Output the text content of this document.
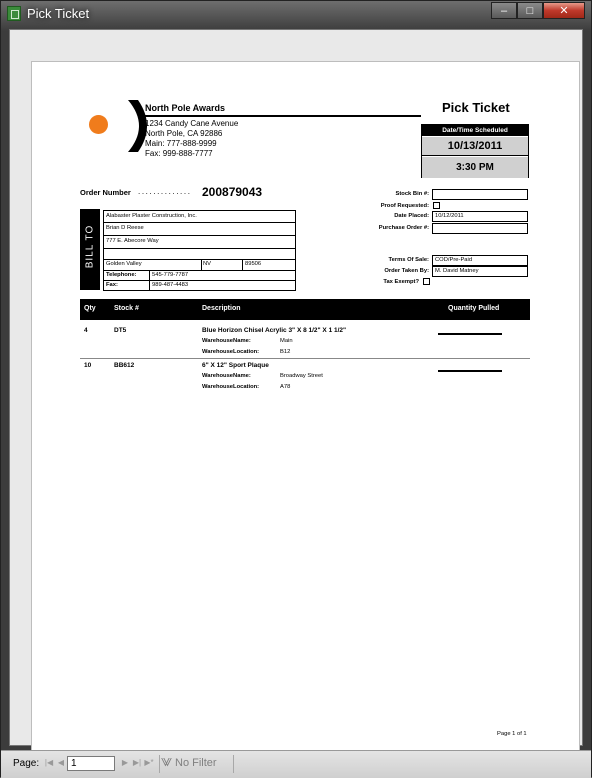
Pick Ticket	–	□	✕
North Pole Awards
1234 Candy Cane Avenue
North Pole, CA 92886
Main: 777-888-9999
Fax: 999-888-7777
Pick Ticket
Date/Time Scheduled
10/13/2011
3:30 PM
Order Number .............. 200879043
BILL TO
Alabaster Plaster Construction, Inc.
Brian D Reese
777 E. Abecore Way
Golden Valley	NV	89506
Telephone:	545-779-7787
Fax:	989-487-4483
Stock Bin #:
Proof Requested:
Date Placed:	10/12/2011
Purchase Order #:
Terms Of Sale:	COD/Pre-Paid
Order Taken By:	M. David Matney
Tax Exempt?
Qty	Stock #	Description	Quantity Pulled
4	DT5	Blue Horizon Chisel Acrylic 3" X 8 1/2" X 1 1/2"
WarehouseName:	Main
WarehouseLocation:	B12
10	BB612	6" X 12" Sport Plaque
WarehouseName:	Broadway Street
WarehouseLocation:	A78
Page 1 of 1
Page: |◀ ◀ 1	▶ ▶| ▶* ⨈ No Filter
